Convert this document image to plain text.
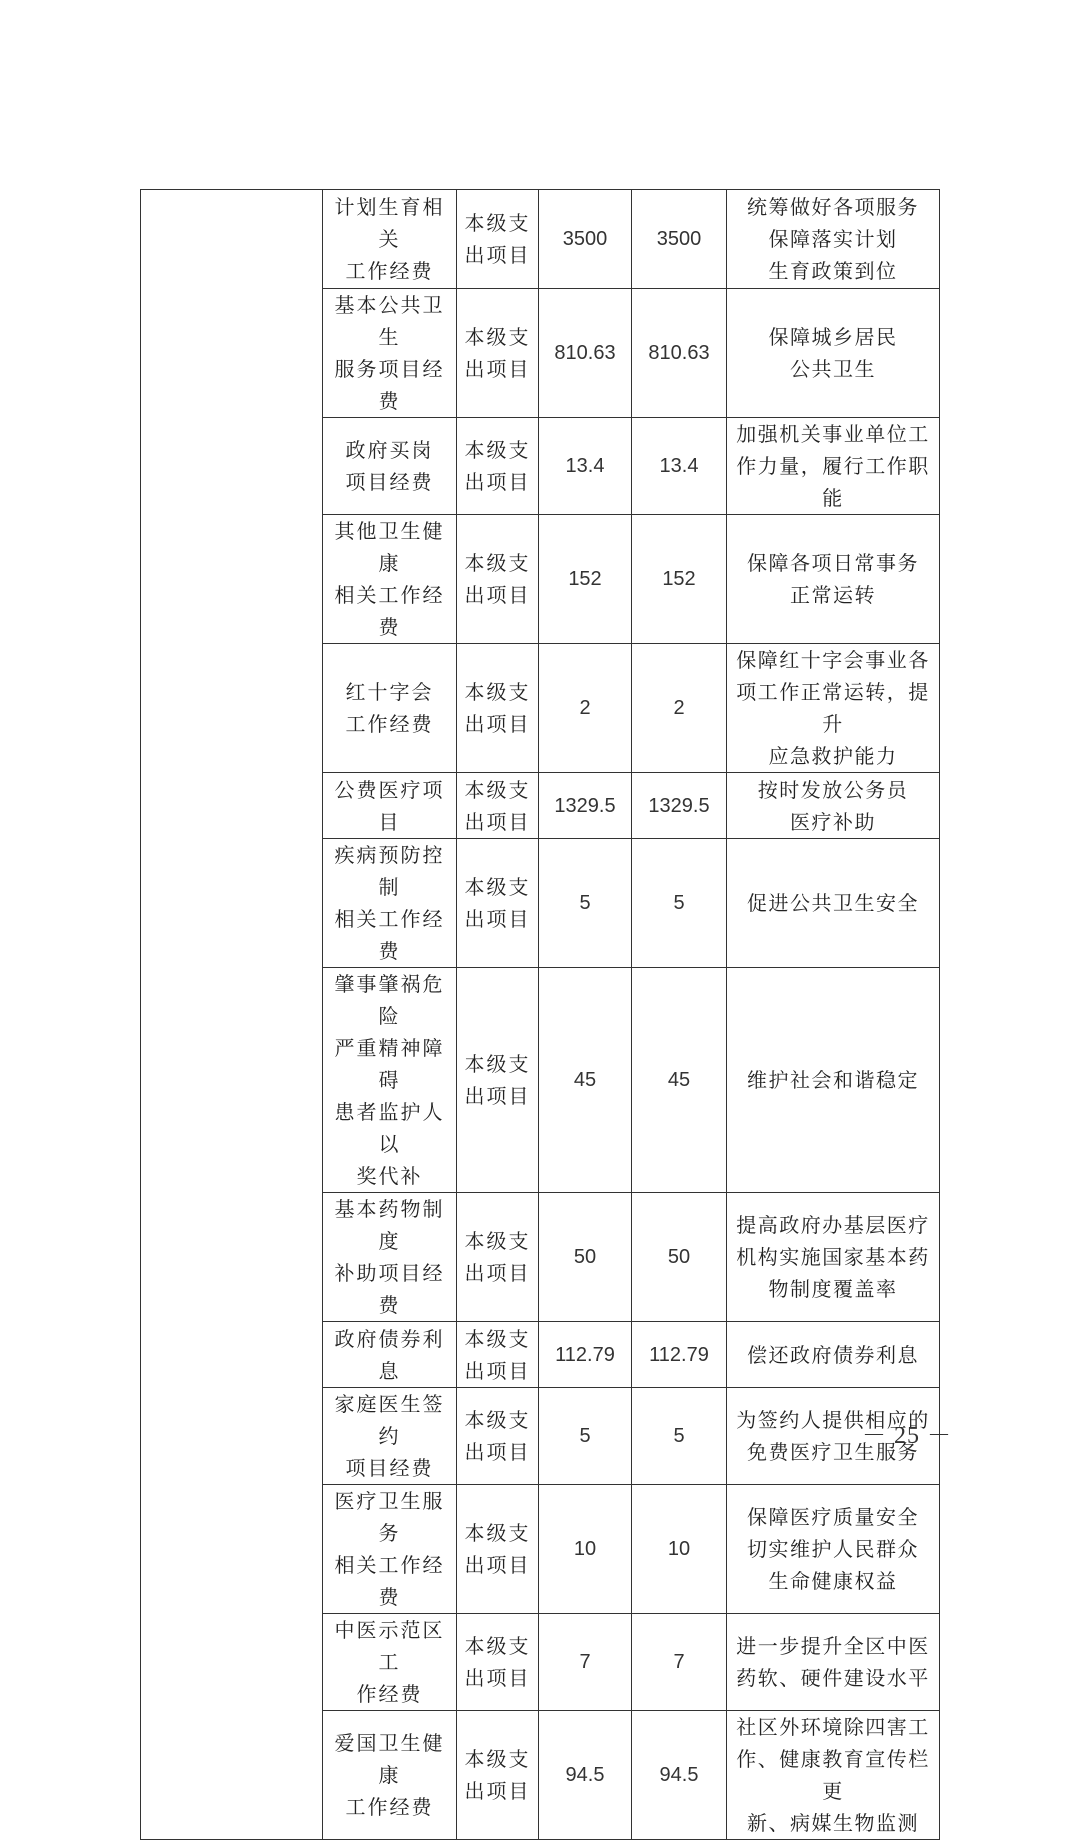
	计划生育相关
工作经费	本级支
出项目	3500	3500	统筹做好各项服务
保障落实计划
生育政策到位
	基本公共卫生
服务项目经费	本级支
出项目	810.63	810.63	保障城乡居民
公共卫生
	政府买岗
项目经费	本级支
出项目	13.4	13.4	加强机关事业单位工
作力量，履行工作职能
	其他卫生健康
相关工作经费	本级支
出项目	152	152	保障各项日常事务
正常运转
	红十字会
工作经费	本级支
出项目	2	2	保障红十字会事业各
项工作正常运转，提升
应急救护能力
	公费医疗项目	本级支
出项目	1329.5	1329.5	按时发放公务员
医疗补助
	疾病预防控制
相关工作经费	本级支
出项目	5	5	促进公共卫生安全
	肇事肇祸危险
严重精神障碍
患者监护人以
奖代补	本级支
出项目	45	45	维护社会和谐稳定
	基本药物制度
补助项目经费	本级支
出项目	50	50	提高政府办基层医疗
机构实施国家基本药
物制度覆盖率
	政府债券利息	本级支
出项目	112.79	112.79	偿还政府债券利息
	家庭医生签约
项目经费	本级支
出项目	5	5	为签约人提供相应的
免费医疗卫生服务
	医疗卫生服务
相关工作经费	本级支
出项目	10	10	保障医疗质量安全
切实维护人民群众
生命健康权益
	中医示范区工
作经费	本级支
出项目	7	7	进一步提升全区中医
药软、硬件建设水平
	爱国卫生健康
工作经费	本级支
出项目	94.5	94.5	社区外环境除四害工
作、健康教育宣传栏更
新、病媒生物监测
－ 25 －
